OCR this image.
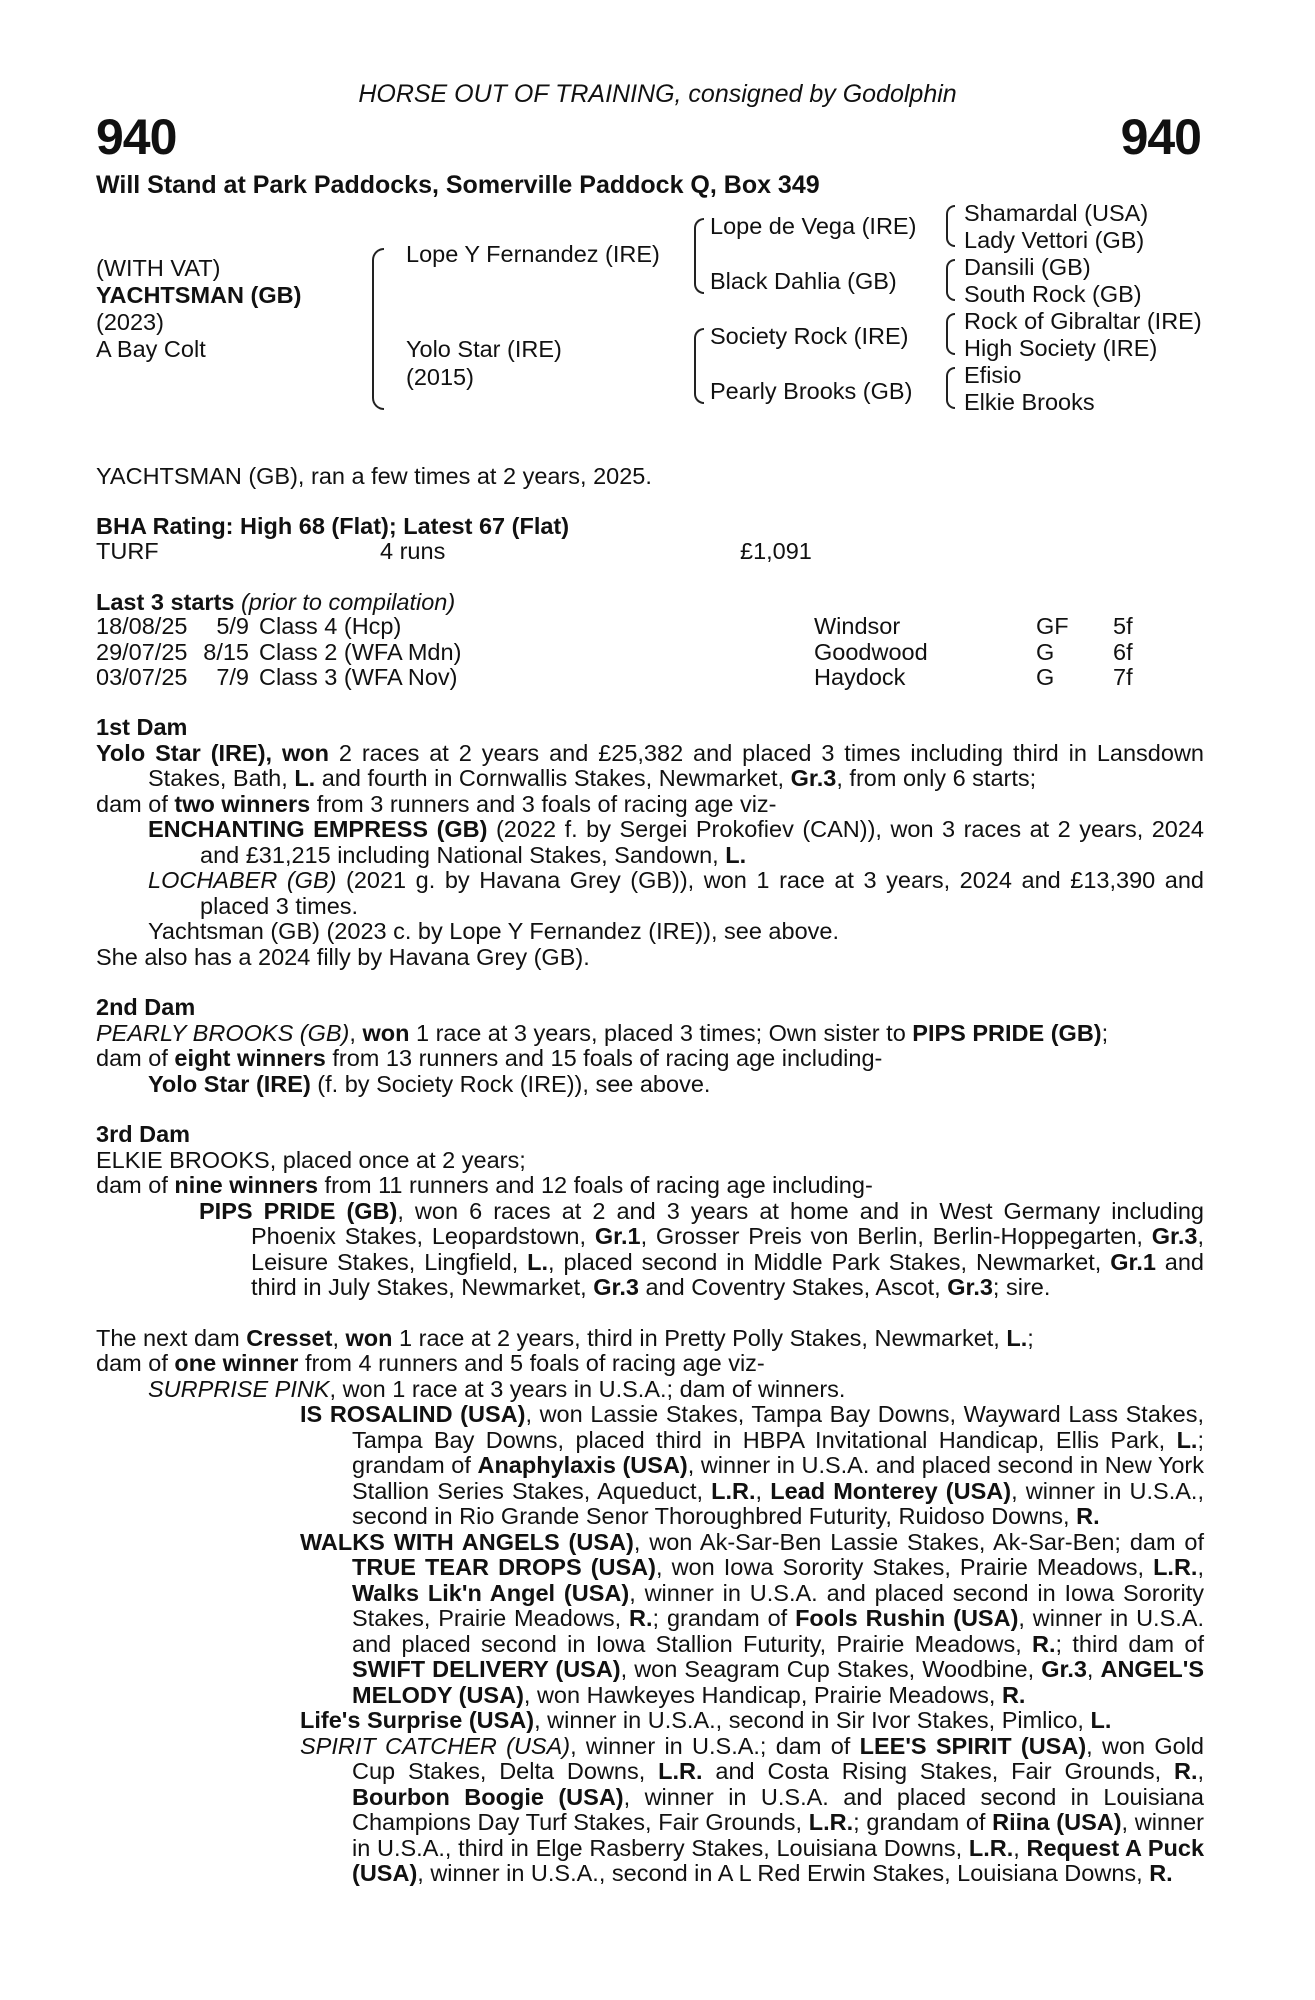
HORSE OUT OF TRAINING, consigned by Godolphin
940	940
Will Stand at Park Paddocks, Somerville Paddock Q, Box 349
(WITH VAT)
YACHTSMAN (GB)
(2023)
A Bay Colt
Lope Y Fernandez (IRE)
Yolo Star (IRE)
(2015)
Lope de Vega (IRE)
Black Dahlia (GB)
Society Rock (IRE)
Pearly Brooks (GB)
Shamardal (USA)
Lady Vettori (GB)
Dansili (GB)
South Rock (GB)
Rock of Gibraltar (IRE)
High Society (IRE)
Efisio
Elkie Brooks
YACHTSMAN (GB), ran a few times at 2 years, 2025.
BHA Rating: High 68 (Flat); Latest 67 (Flat)
TURF	4 runs	£1,091
Last 3 starts (prior to compilation)
18/08/25	5/9	Class 4 (Hcp)	Windsor	GF	5f
29/07/25	8/15	Class 2 (WFA Mdn)	Goodwood	G	6f
03/07/25	7/9	Class 3 (WFA Nov)	Haydock	G	7f

1st Dam

Yolo Star (IRE), won 2 races at 2 years and £25,382 and placed 3 times including third in Lansdown Stakes, Bath, L. and fourth in Cornwallis Stakes, Newmarket, Gr.3, from only 6 starts;

dam of two winners from 3 runners and 3 foals of racing age viz-

ENCHANTING EMPRESS (GB) (2022 f. by Sergei Prokofiev (CAN)), won 3 races at 2 years, 2024 and £31,215 including National Stakes, Sandown, L.

LOCHABER (GB) (2021 g. by Havana Grey (GB)), won 1 race at 3 years, 2024 and £13,390 and placed 3 times.

Yachtsman (GB) (2023 c. by Lope Y Fernandez (IRE)), see above.

She also has a 2024 filly by Havana Grey (GB).

2nd Dam

PEARLY BROOKS (GB), won 1 race at 3 years, placed 3 times; Own sister to PIPS PRIDE (GB);

dam of eight winners from 13 runners and 15 foals of racing age including-

Yolo Star (IRE) (f. by Society Rock (IRE)), see above.

3rd Dam

ELKIE BROOKS, placed once at 2 years;

dam of nine winners from 11 runners and 12 foals of racing age including-

PIPS PRIDE (GB), won 6 races at 2 and 3 years at home and in West Germany including Phoenix Stakes, Leopardstown, Gr.1, Grosser Preis von Berlin, Berlin-Hoppegarten, Gr.3, Leisure Stakes, Lingfield, L., placed second in Middle Park Stakes, Newmarket, Gr.1 and third in July Stakes, Newmarket, Gr.3 and Coventry Stakes, Ascot, Gr.3; sire.

The next dam Cresset, won 1 race at 2 years, third in Pretty Polly Stakes, Newmarket, L.;

dam of one winner from 4 runners and 5 foals of racing age viz-

SURPRISE PINK, won 1 race at 3 years in U.S.A.; dam of winners.

IS ROSALIND (USA), won Lassie Stakes, Tampa Bay Downs, Wayward Lass Stakes, Tampa Bay Downs, placed third in HBPA Invitational Handicap, Ellis Park, L.; grandam of Anaphylaxis (USA), winner in U.S.A. and placed second in New York Stallion Series Stakes, Aqueduct, L.R., Lead Monterey (USA), winner in U.S.A., second in Rio Grande Senor Thoroughbred Futurity, Ruidoso Downs, R.

WALKS WITH ANGELS (USA), won Ak-Sar-Ben Lassie Stakes, Ak-Sar-Ben; dam of TRUE TEAR DROPS (USA), won Iowa Sorority Stakes, Prairie Meadows, L.R., Walks Lik'n Angel (USA), winner in U.S.A. and placed second in Iowa Sorority Stakes, Prairie Meadows, R.; grandam of Fools Rushin (USA), winner in U.S.A. and placed second in Iowa Stallion Futurity, Prairie Meadows, R.; third dam of SWIFT DELIVERY (USA), won Seagram Cup Stakes, Woodbine, Gr.3, ANGEL'S MELODY (USA), won Hawkeyes Handicap, Prairie Meadows, R.

Life's Surprise (USA), winner in U.S.A., second in Sir Ivor Stakes, Pimlico, L.

SPIRIT CATCHER (USA), winner in U.S.A.; dam of LEE'S SPIRIT (USA), won Gold Cup Stakes, Delta Downs, L.R. and Costa Rising Stakes, Fair Grounds, R., Bourbon Boogie (USA), winner in U.S.A. and placed second in Louisiana Champions Day Turf Stakes, Fair Grounds, L.R.; grandam of Riina (USA), winner in U.S.A., third in Elge Rasberry Stakes, Louisiana Downs, L.R., Request A Puck (USA), winner in U.S.A., second in A L Red Erwin Stakes, Louisiana Downs, R.
